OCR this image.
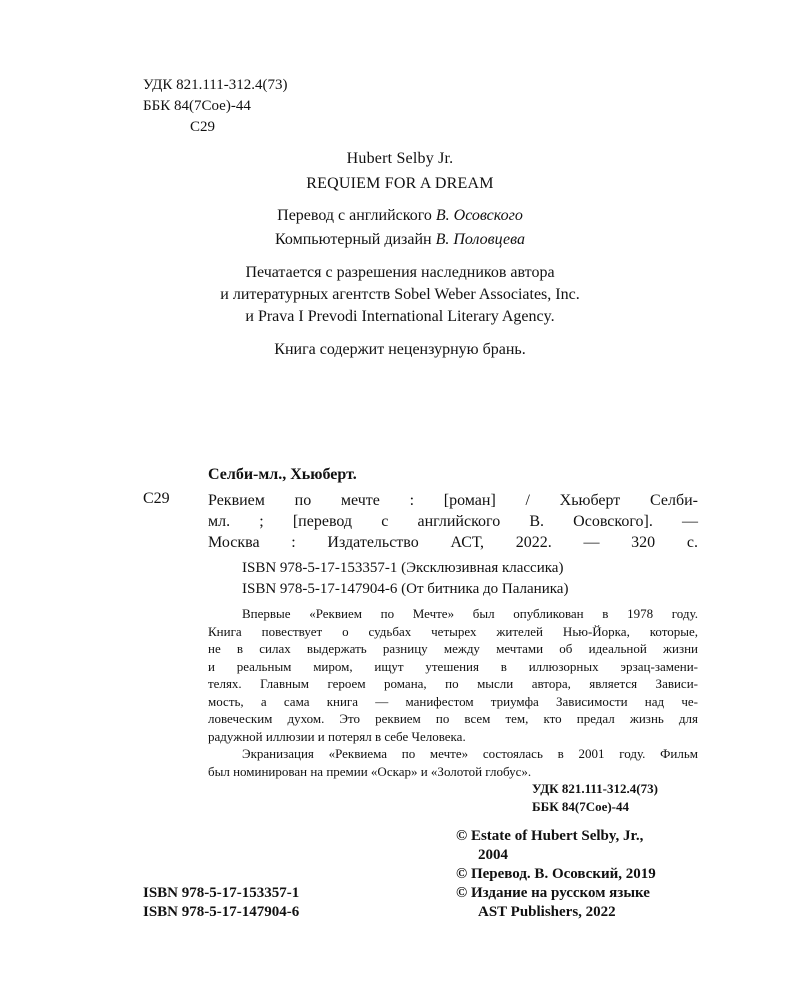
УДК 821.111-312.4(73)
ББК 84(7Сое)-44
С29
Hubert Selby Jr.
REQUIEM FOR A DREAM
Перевод с английского В. Осовского
Компьютерный дизайн В. Половцева
Печатается с разрешения наследников автора
и литературных агентств Sobel Weber Associates, Inc.
и Prava I Prevodi International Literary Agency.
Книга содержит нецензурную брань.
Селби-мл., Хьюберт.
С29 Реквием по мечте : [роман] / Хьюберт Селби-
мл. ; [перевод с английского В. Осовского]. —
Москва : Издательство АСТ, 2022. — 320 с.
ISBN 978-5-17-153357-1 (Эксклюзивная классика)
ISBN 978-5-17-147904-6 (От битника до Паланика)
Впервые «Реквием по Мечте» был опубликован в 1978 году.
Книга повествует о судьбах четырех жителей Нью-Йорка, которые,
не в силах выдержать разницу между мечтами об идеальной жизни
и реальным миром, ищут утешения в иллюзорных эрзац-замени-
телях. Главным героем романа, по мысли автора, является Зависи-
мость, а сама книга — манифестом триумфа Зависимости над че-
ловеческим духом. Это реквием по всем тем, кто предал жизнь для
радужной иллюзии и потерял в себе Человека.
Экранизация «Реквиема по мечте» состоялась в 2001 году. Фильм
был номинирован на премии «Оскар» и «Золотой глобус».
УДК 821.111-312.4(73)
ББК 84(7Сое)-44
© Estate of Hubert Selby, Jr.,
2004
© Перевод. В. Осовский, 2019
© Издание на русском языке
AST Publishers, 2022
ISBN 978-5-17-153357-1
ISBN 978-5-17-147904-6
